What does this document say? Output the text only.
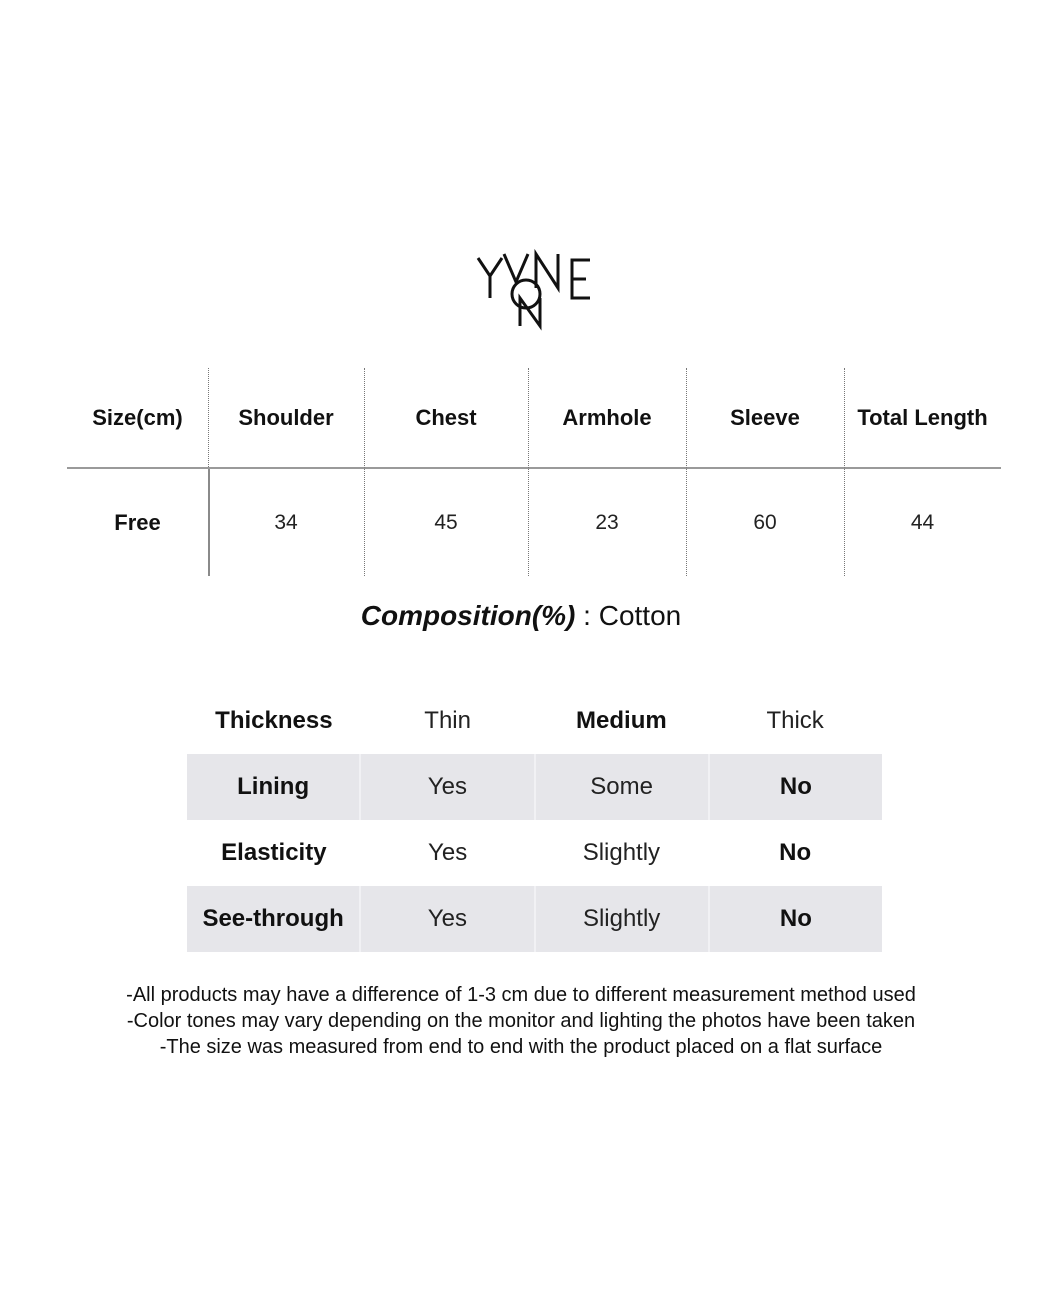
Size(cm)	Shoulder	Chest	Armhole	Sleeve	Total Length
Free	34	45	23	60	44
Composition(%) : Cotton
Thickness	Thin	Medium	Thick
Lining	Yes	Some	No
Elasticity	Yes	Slightly	No
See-through	Yes	Slightly	No
-All products may have a difference of 1-3 cm due to different measurement method used
-Color tones may vary depending on the monitor and lighting the photos have been taken
-The size was measured from end to end with the product placed on a flat surface
